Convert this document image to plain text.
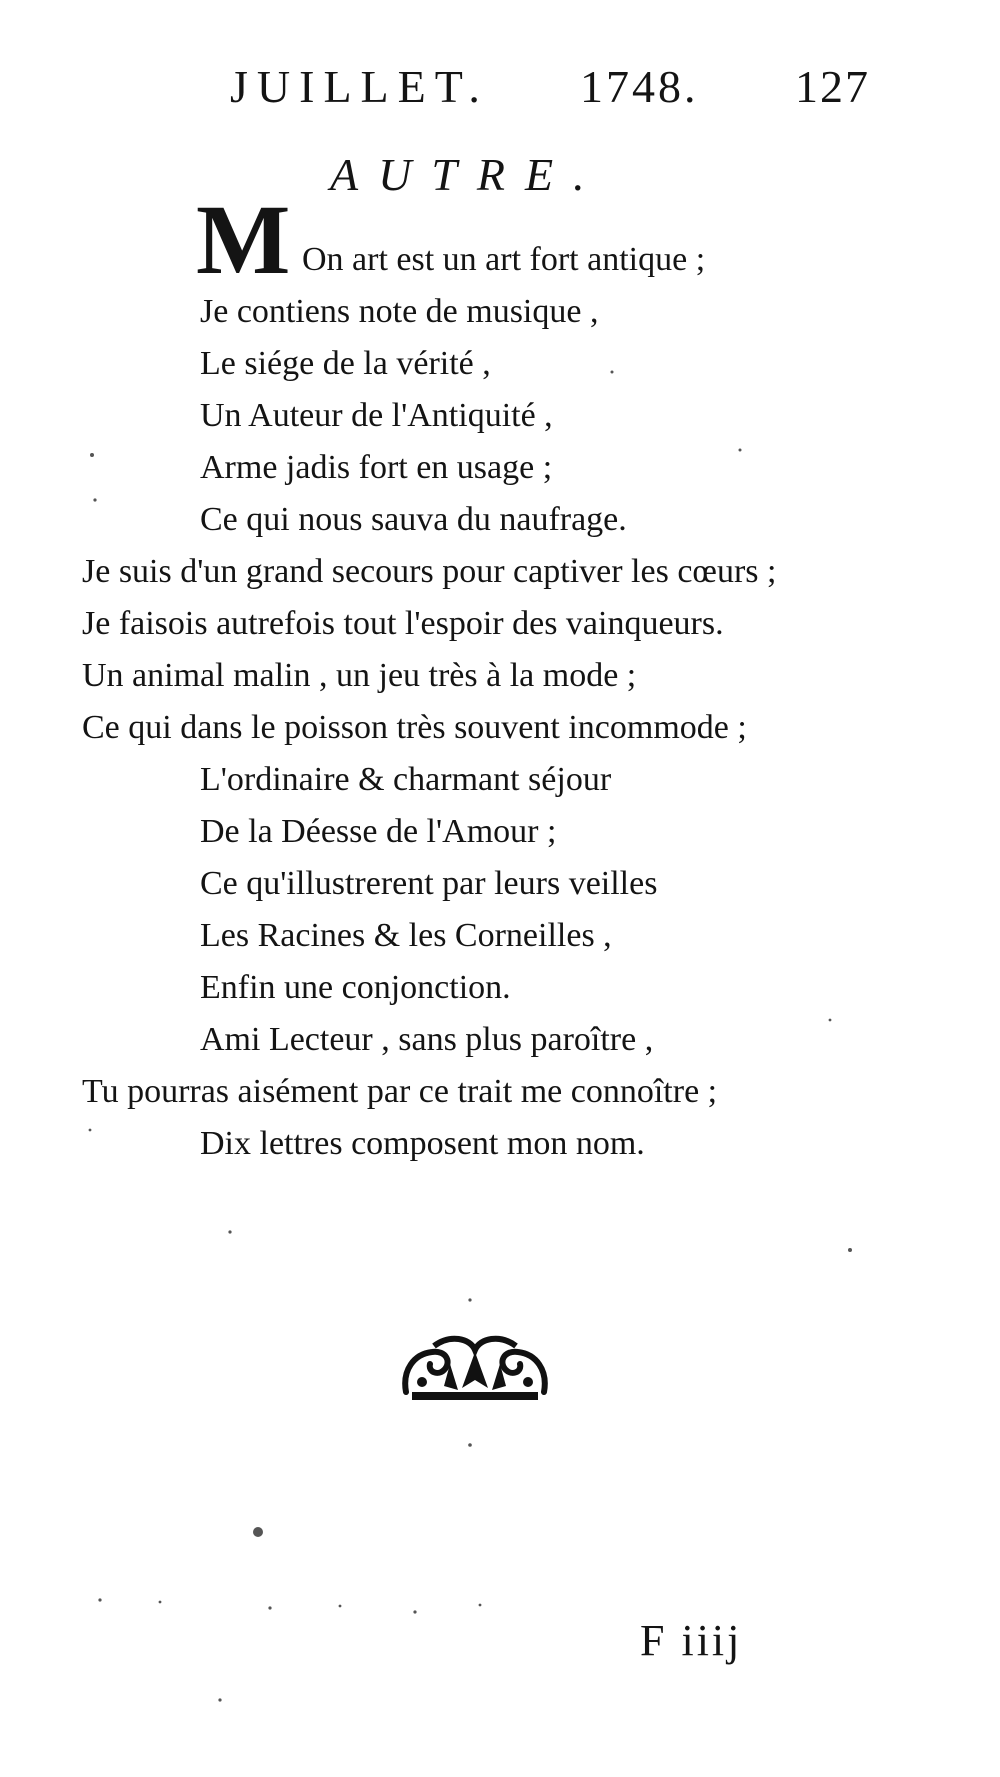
JUILLET. 1748. 127
AUTRE.
M On art est un art fort antique ;
Je contiens note de musique ,
Le siége de la vérité ,
Un Auteur de l'Antiquité ,
Arme jadis fort en usage ;
Ce qui nous sauva du naufrage.
Je suis d'un grand secours pour captiver les cœurs ;
Je faisois autrefois tout l'espoir des vainqueurs.
Un animal malin , un jeu très à la mode ;
Ce qui dans le poisson très souvent incommode ;
L'ordinaire & charmant séjour
De la Déesse de l'Amour ;
Ce qu'illustrerent par leurs veilles
Les Racines & les Corneilles ,
Enfin une conjonction.
Ami Lecteur , sans plus paroître ,
Tu pourras aisément par ce trait me connoître ;
Dix lettres composent mon nom.
F iiij
